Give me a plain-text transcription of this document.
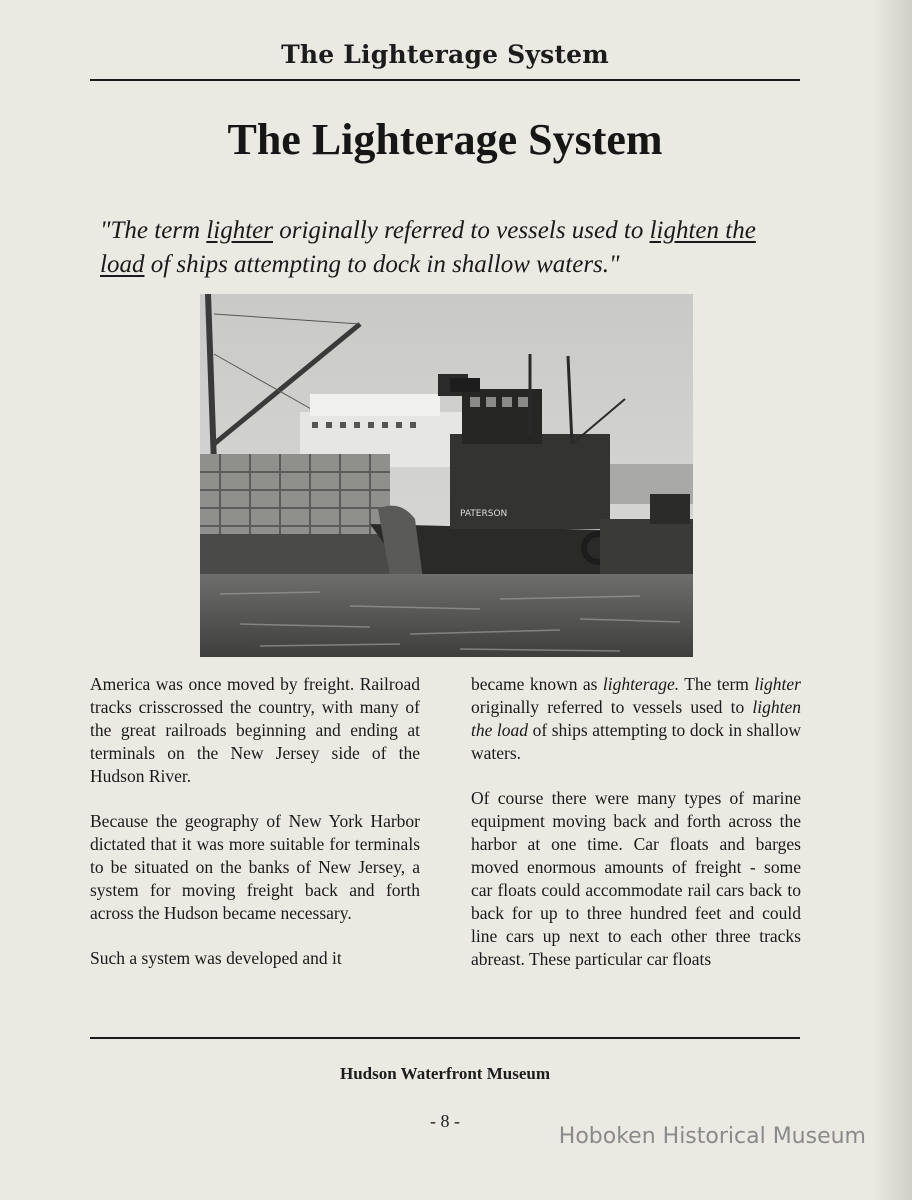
The Lighterage System
The Lighterage System
"The term lighter originally referred to vessels used to lighten the load of ships attempting to dock in shallow waters."
PATERSON

America was once moved by freight. Railroad tracks crisscrossed the country, with many of the great railroads beginning and ending at terminals on the New Jersey side of the Hudson River.

Because the geography of New York Harbor dictated that it was more suitable for terminals to be situated on the banks of New Jersey, a system for moving freight back and forth across the Hudson became necessary.

Such a system was developed and it

became known as lighterage. The term lighter originally referred to vessels used to lighten the load of ships attempting to dock in shallow waters.

Of course there were many types of marine equipment moving back and forth across the harbor at one time. Car floats and barges moved enormous amounts of freight - some car floats could accommodate rail cars back to back for up to three hundred feet and could line cars up next to each other three tracks abreast. These particular car floats

Hudson Waterfront Museum
- 8 -
Hoboken Historical Museum
